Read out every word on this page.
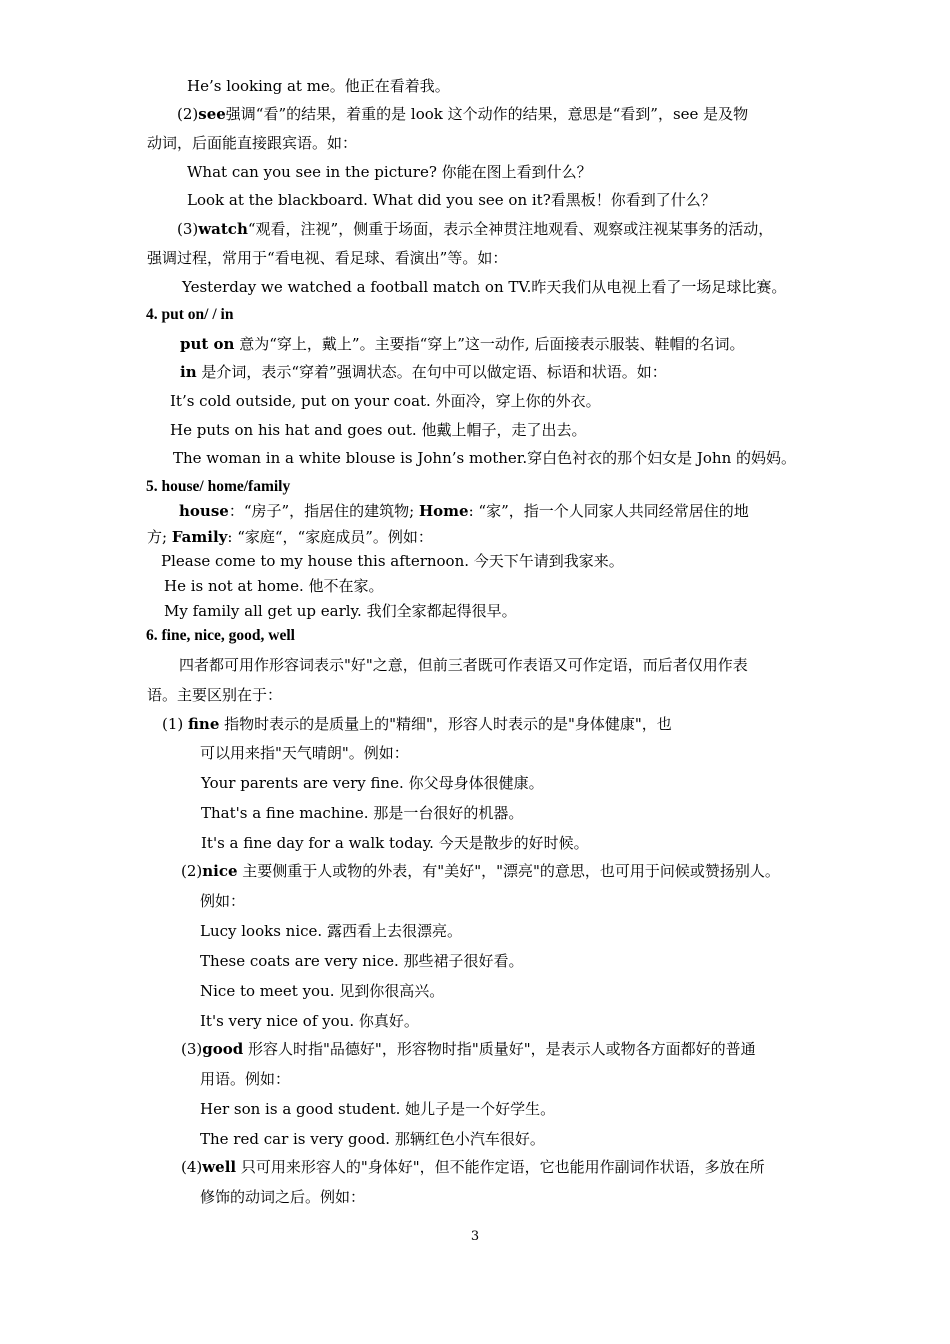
He’s looking at me。他正在看着我。
(2)see强调“看”的结果，着重的是 look 这个动作的结果，意思是“看到”，see 是及物
动词，后面能直接跟宾语。如：
What can you see in the picture? 你能在图上看到什么？
Look at the blackboard. What did you see on it?看黑板！你看到了什么？
(3)watch“观看，注视”，侧重于场面，表示全神贯注地观看、观察或注视某事务的活动，
强调过程，常用于“看电视、看足球、看演出”等。如：
Yesterday we watched a football match on TV.昨天我们从电视上看了一场足球比赛。
4. put on/ / in
put on 意为“穿上，戴上”。主要指“穿上”这一动作, 后面接表示服装、鞋帽的名词。
in 是介词，表示“穿着”强调状态。在句中可以做定语、标语和状语。如：
It’s cold outside, put on your coat. 外面冷，穿上你的外衣。
He puts on his hat and goes out. 他戴上帽子，走了出去。
The woman in a white blouse is John’s mother.穿白色衬衣的那个妇女是 John 的妈妈。
5. house/ home/family
house：“房子”，指居住的建筑物; Home: “家”，指一个人同家人共同经常居住的地
方; Family: “家庭“，“家庭成员”。例如：
Please come to my house this afternoon. 今天下午请到我家来。
He is not at home. 他不在家。
My family all get up early. 我们全家都起得很早。
6. fine, nice, good, well
四者都可用作形容词表示"好"之意，但前三者既可作表语又可作定语，而后者仅用作表
语。主要区别在于：
(1) fine 指物时表示的是质量上的"精细"，形容人时表示的是"身体健康"，也
可以用来指"天气晴朗"。例如：
Your parents are very fine. 你父母身体很健康。
That's a fine machine. 那是一台很好的机器。
It's a fine day for a walk today. 今天是散步的好时候。
(2)nice 主要侧重于人或物的外表，有"美好"，"漂亮"的意思，也可用于问候或赞扬别人。
例如：
Lucy looks nice. 露西看上去很漂亮。
These coats are very nice. 那些裙子很好看。
Nice to meet you. 见到你很高兴。
It's very nice of you. 你真好。
(3)good 形容人时指"品德好"，形容物时指"质量好"，是表示人或物各方面都好的普通
用语。例如：
Her son is a good student. 她儿子是一个好学生。
The red car is very good. 那辆红色小汽车很好。
(4)well 只可用来形容人的"身体好"，但不能作定语，它也能用作副词作状语，多放在所
修饰的动词之后。例如：
3
